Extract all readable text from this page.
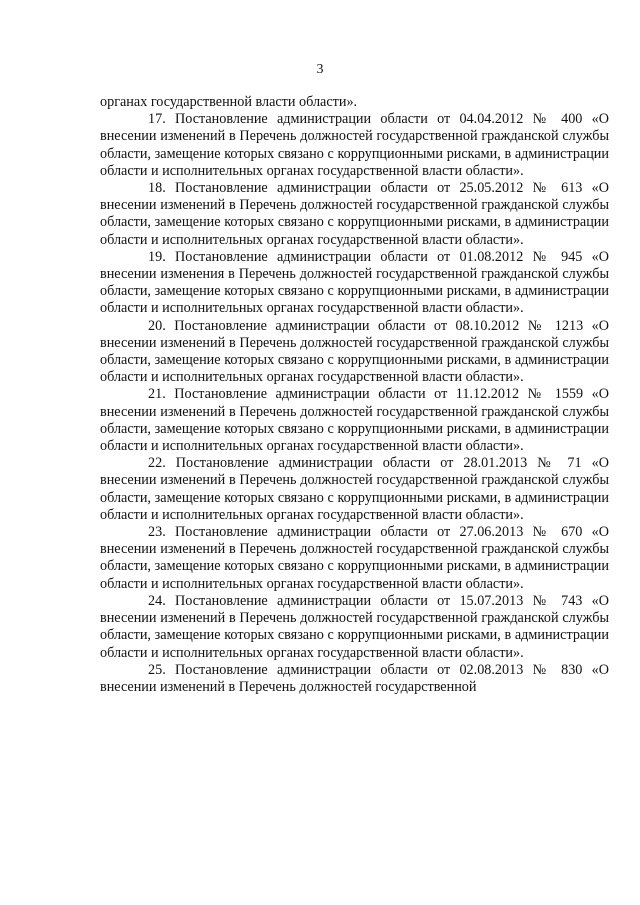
3

органах государственной власти области».

17. Постановление администрации области от 04.04.2012 № 400 «О внесении изменений в Перечень должностей государственной гражданской службы области, замещение которых связано с коррупционными рисками, в администрации области и исполнительных органах государственной власти области».

18. Постановление администрации области от 25.05.2012 № 613 «О внесении изменений в Перечень должностей государственной гражданской службы области, замещение которых связано с коррупционными рисками, в администрации области и исполнительных органах государственной власти области».

19. Постановление администрации области от 01.08.2012 № 945 «О внесении изменения в Перечень должностей государственной гражданской службы области, замещение которых связано с коррупционными рисками, в администрации области и исполнительных органах государственной власти области».

20. Постановление администрации области от 08.10.2012 № 1213 «О внесении изменений в Перечень должностей государственной гражданской службы области, замещение которых связано с коррупционными рисками, в администрации области и исполнительных органах государственной власти области».

21. Постановление администрации области от 11.12.2012 № 1559 «О внесении изменений в Перечень должностей государственной гражданской службы области, замещение которых связано с коррупционными рисками, в администрации области и исполнительных органах государственной власти области».

22. Постановление администрации области от 28.01.2013 № 71 «О внесении изменений в Перечень должностей государственной гражданской службы области, замещение которых связано с коррупционными рисками, в администрации области и исполнительных органах государственной власти области».

23. Постановление администрации области от 27.06.2013 № 670 «О внесении изменений в Перечень должностей государственной гражданской службы области, замещение которых связано с коррупционными рисками, в администрации области и исполнительных органах государственной власти области».

24. Постановление администрации области от 15.07.2013 № 743 «О внесении изменений в Перечень должностей государственной гражданской службы области, замещение которых связано с коррупционными рисками, в администрации области и исполнительных органах государственной власти области».

25. Постановление администрации области от 02.08.2013 № 830 «О внесении изменений в Перечень должностей государственной
